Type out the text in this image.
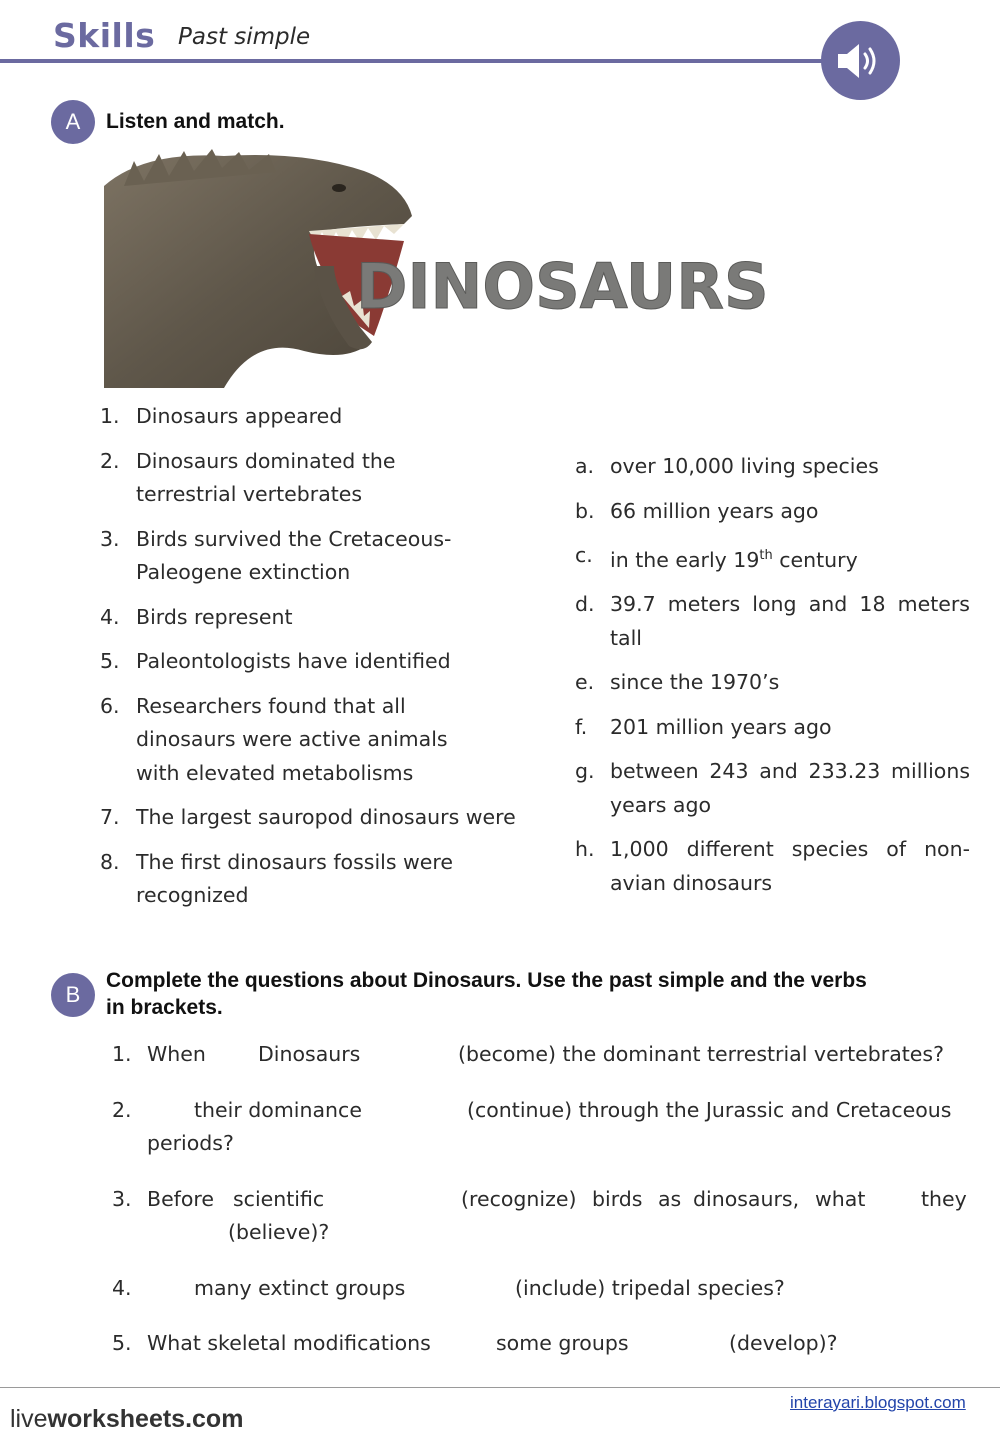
Skills Past simple
A	Listen and match.
DINOSAURS
1. Dinosaurs appeared
2. Dinosaurs dominated the terrestrial vertebrates
3. Birds survived the Cretaceous-Paleogene extinction
4. Birds represent
5. Paleontologists have identified
6. Researchers found that all dinosaurs were active animals with elevated metabolisms
7. The largest sauropod dinosaurs were
8. The first dinosaurs fossils were recognized
a. over 10,000 living species
b. 66 million years ago
c. in the early 19th century
d. 39.7 meters long and 18 meters tall
e. since the 1970’s
f. 201 million years ago
g. between 243 and 233.23 millions years ago
h. 1,000 different species of non-avian dinosaurs
B
Complete the questions about Dinosaurs. Use the past simple and the verbs
in brackets.
1. When	Dinosaurs	(become) the dominant terrestrial vertebrates?
2.	their dominance	(continue) through the Jurassic and Cretaceous
periods?
3. Before scientific	(recognize) birds as dinosaurs, what	they
(believe)?
4.	many extinct groups	(include) tripedal species?
5. What skeletal modifications	some groups	(develop)?
interayari.blogspot.com
liveworksheets.com
